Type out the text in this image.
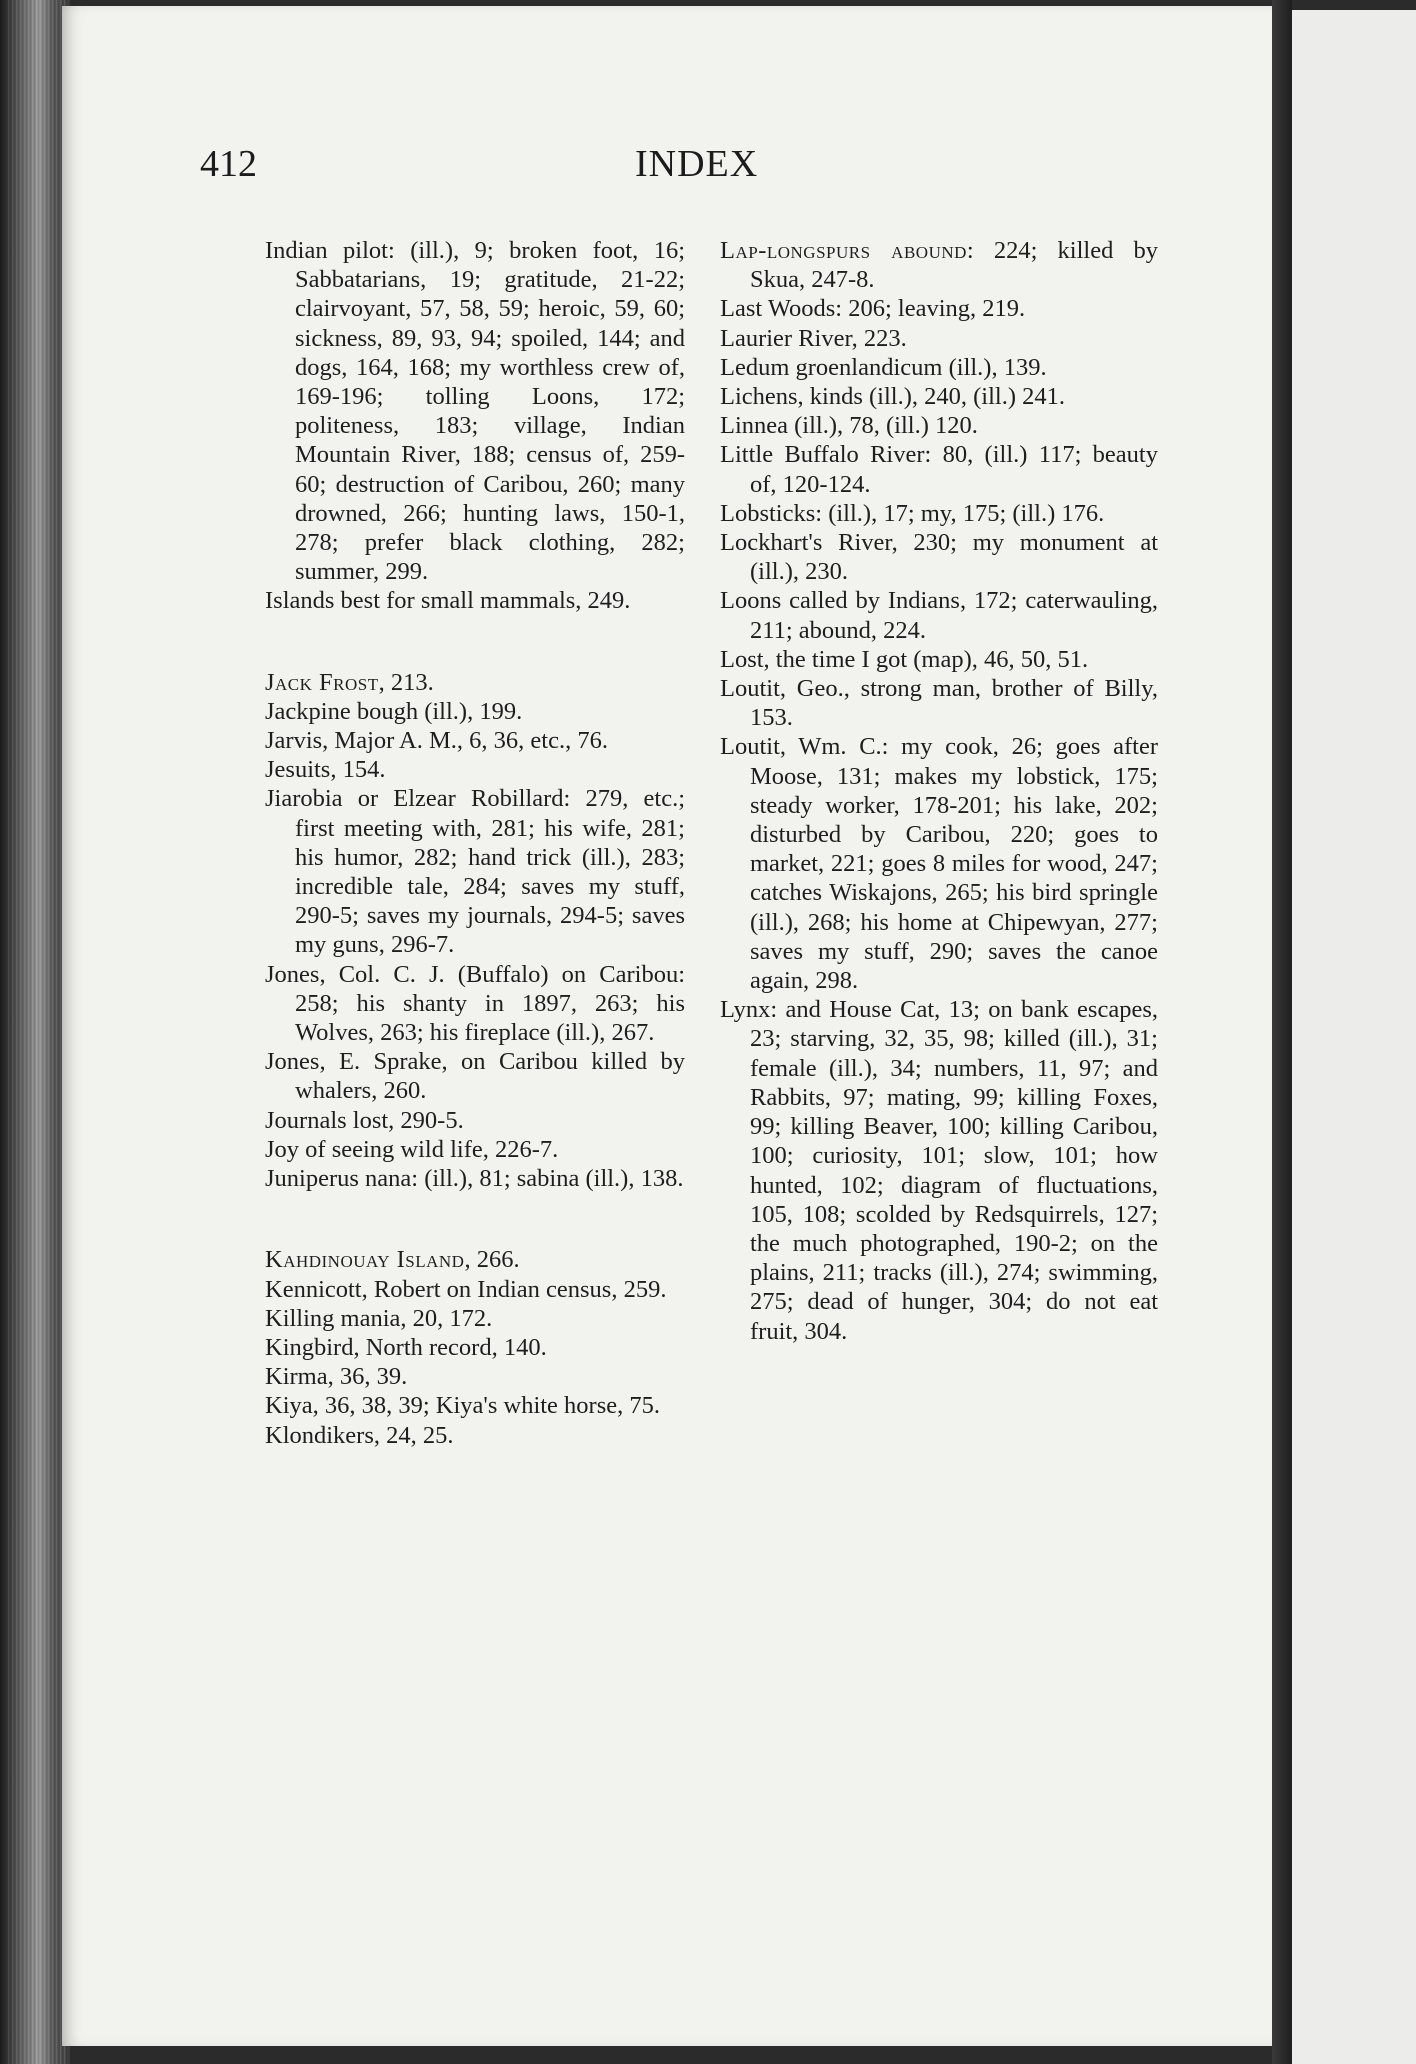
412	INDEX

Indian pilot: (ill.), 9; broken foot, 16; Sabbatarians, 19; gratitude, 21-22; clairvoyant, 57, 58, 59; heroic, 59, 60; sickness, 89, 93, 94; spoiled, 144; and dogs, 164, 168; my worthless crew of, 169-196; tolling Loons, 172; politeness, 183; village, Indian Mountain River, 188; census of, 259-60; destruction of Caribou, 260; many drowned, 266; hunting laws, 150-1, 278; prefer black clothing, 282; summer, 299.

Islands best for small mammals, 249.

Jack Frost, 213.

Jackpine bough (ill.), 199.

Jarvis, Major A. M., 6, 36, etc., 76.

Jesuits, 154.

Jiarobia or Elzear Robillard: 279, etc.; first meeting with, 281; his wife, 281; his humor, 282; hand trick (ill.), 283; incredible tale, 284; saves my stuff, 290-5; saves my journals, 294-5; saves my guns, 296-7.

Jones, Col. C. J. (Buffalo) on Caribou: 258; his shanty in 1897, 263; his Wolves, 263; his fireplace (ill.), 267.

Jones, E. Sprake, on Caribou killed by whalers, 260.

Journals lost, 290-5.

Joy of seeing wild life, 226-7.

Juniperus nana: (ill.), 81; sabina (ill.), 138.

Kahdinouay Island, 266.

Kennicott, Robert on Indian census, 259.

Killing mania, 20, 172.

Kingbird, North record, 140.

Kirma, 36, 39.

Kiya, 36, 38, 39; Kiya's white horse, 75.

Klondikers, 24, 25.

Lap-longspurs abound: 224; killed by Skua, 247-8.

Last Woods: 206; leaving, 219.

Laurier River, 223.

Ledum groenlandicum (ill.), 139.

Lichens, kinds (ill.), 240, (ill.) 241.

Linnea (ill.), 78, (ill.) 120.

Little Buffalo River: 80, (ill.) 117; beauty of, 120-124.

Lobsticks: (ill.), 17; my, 175; (ill.) 176.

Lockhart's River, 230; my monument at (ill.), 230.

Loons called by Indians, 172; caterwauling, 211; abound, 224.

Lost, the time I got (map), 46, 50, 51.

Loutit, Geo., strong man, brother of Billy, 153.

Loutit, Wm. C.: my cook, 26; goes after Moose, 131; makes my lobstick, 175; steady worker, 178-201; his lake, 202; disturbed by Caribou, 220; goes to market, 221; goes 8 miles for wood, 247; catches Wiskajons, 265; his bird springle (ill.), 268; his home at Chipewyan, 277; saves my stuff, 290; saves the canoe again, 298.

Lynx: and House Cat, 13; on bank escapes, 23; starving, 32, 35, 98; killed (ill.), 31; female (ill.), 34; numbers, 11, 97; and Rabbits, 97; mating, 99; killing Foxes, 99; killing Beaver, 100; killing Caribou, 100; curiosity, 101; slow, 101; how hunted, 102; diagram of fluctuations, 105, 108; scolded by Redsquirrels, 127; the much photographed, 190-2; on the plains, 211; tracks (ill.), 274; swimming, 275; dead of hunger, 304; do not eat fruit, 304.
